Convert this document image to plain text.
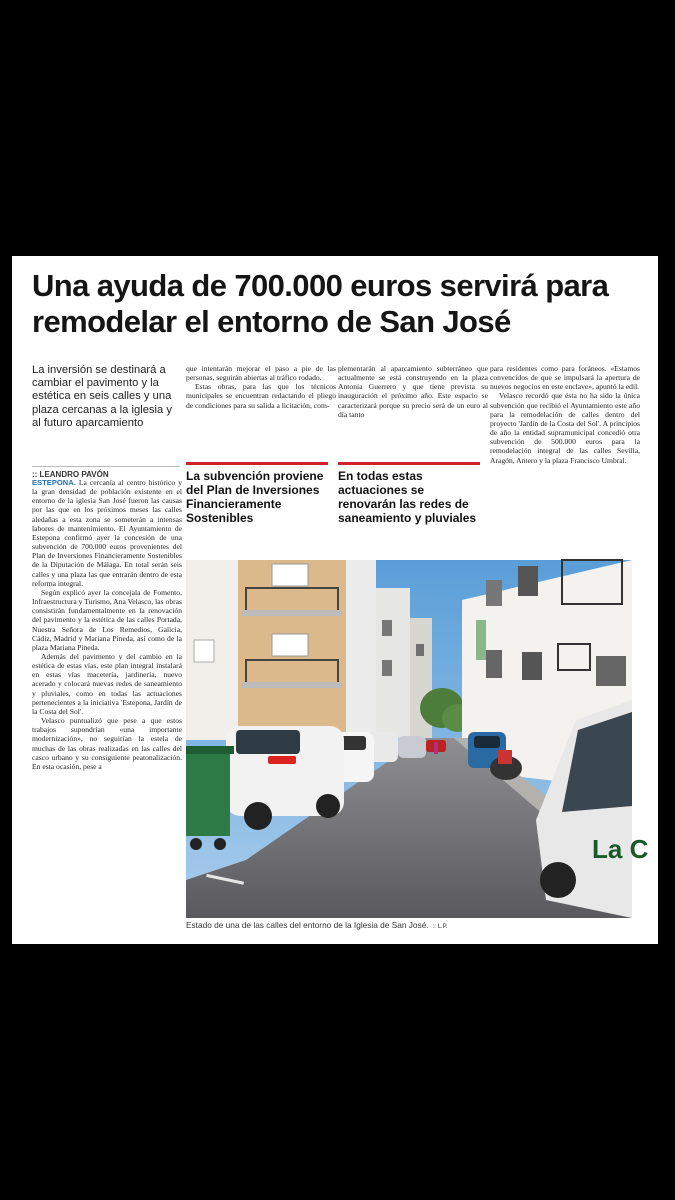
Una ayuda de 700.000 euros servirá para remodelar el entorno de San José

La inversión se destinará a cambiar el pavimento y la estética en seis calles y una plaza cercanas a la iglesia y al futuro aparcamiento

:: LEANDRO PAVÓN

ESTEPONA. La cercanía al centro histórico y la gran densidad de población existente en el entorno de la iglesia San José fueron las causas por las que en los próximos meses las calles aledañas a esta zona se someterán a intensas labores de mantenimiento. El Ayuntamiento de Estepona confirmó ayer la concesión de una subvención de 700.000 euros provenientes del Plan de Inversiones Financieramente Sostenibles de la Diputación de Málaga. En total serán seis calles y una plaza las que entrarán dentro de esta reforma integral.

Según explicó ayer la concejala de Fomento, Infraestructura y Turismo, Ana Velasco, las obras consistirán fundamentalmente en la renovación del pavimento y la estética de las calles Portada, Nuestra Señora de Los Remedios, Galicia, Cádiz, Madrid y Mariana Pineda, así como de la plaza Mariana Pineda.

Además del pavimento y del cambio en la estética de estas vías, este plan integral instalará en estas vías macetería, jardinería, nuevo acerado y colocará nuevas redes de saneamiento y pluviales, como en todas las actuaciones pertenecientes a la iniciativa 'Estepona, Jardín de la Costa del Sol'.

Velasco puntualizó que pese a que estos trabajos supondrían «una importante modernización», no seguirían la estela de muchas de las obras realizadas en las calles del casco urbano y su consiguiente peatonalización. En esta ocasión, pese a

que intentarán mejorar el paso a pie de las personas, seguirán abiertas al tráfico rodado.

Estas obras, para las que los técnicos municipales se encuentran redactando el pliego de condiciones para su salida a licitación, com-

plementarán al aparcamiento subterráneo que actualmente se está construyendo en la plaza Antonia Guerrero y que tiene prevista su inauguración el próximo año. Este espacio se caracterizará porque su precio será de un euro al día tanto

para residentes como para foráneos. «Estamos convencidos de que se impulsará la apertura de nuevos negocios en este enclave», apuntó la edil.

Velasco recordó que ésta no ha sido la única subvención que recibió el Ayuntamiento este año para la remodelación de calles dentro del proyecto 'Jardín de la Costa del Sol'. A principios de año la entidad supramunicipal concedió otra subvención de 500.000 euros para la remodelación integral de las calles Sevilla, Aragón, Antero y la plaza Francisco Umbral.

La subvención proviene del Plan de Inversiones Financieramente Sostenibles
En todas estas actuaciones se renovarán las redes de saneamiento y pluviales
La C
Estado de una de las calles del entorno de la Iglesia de San José. :: L.P.
